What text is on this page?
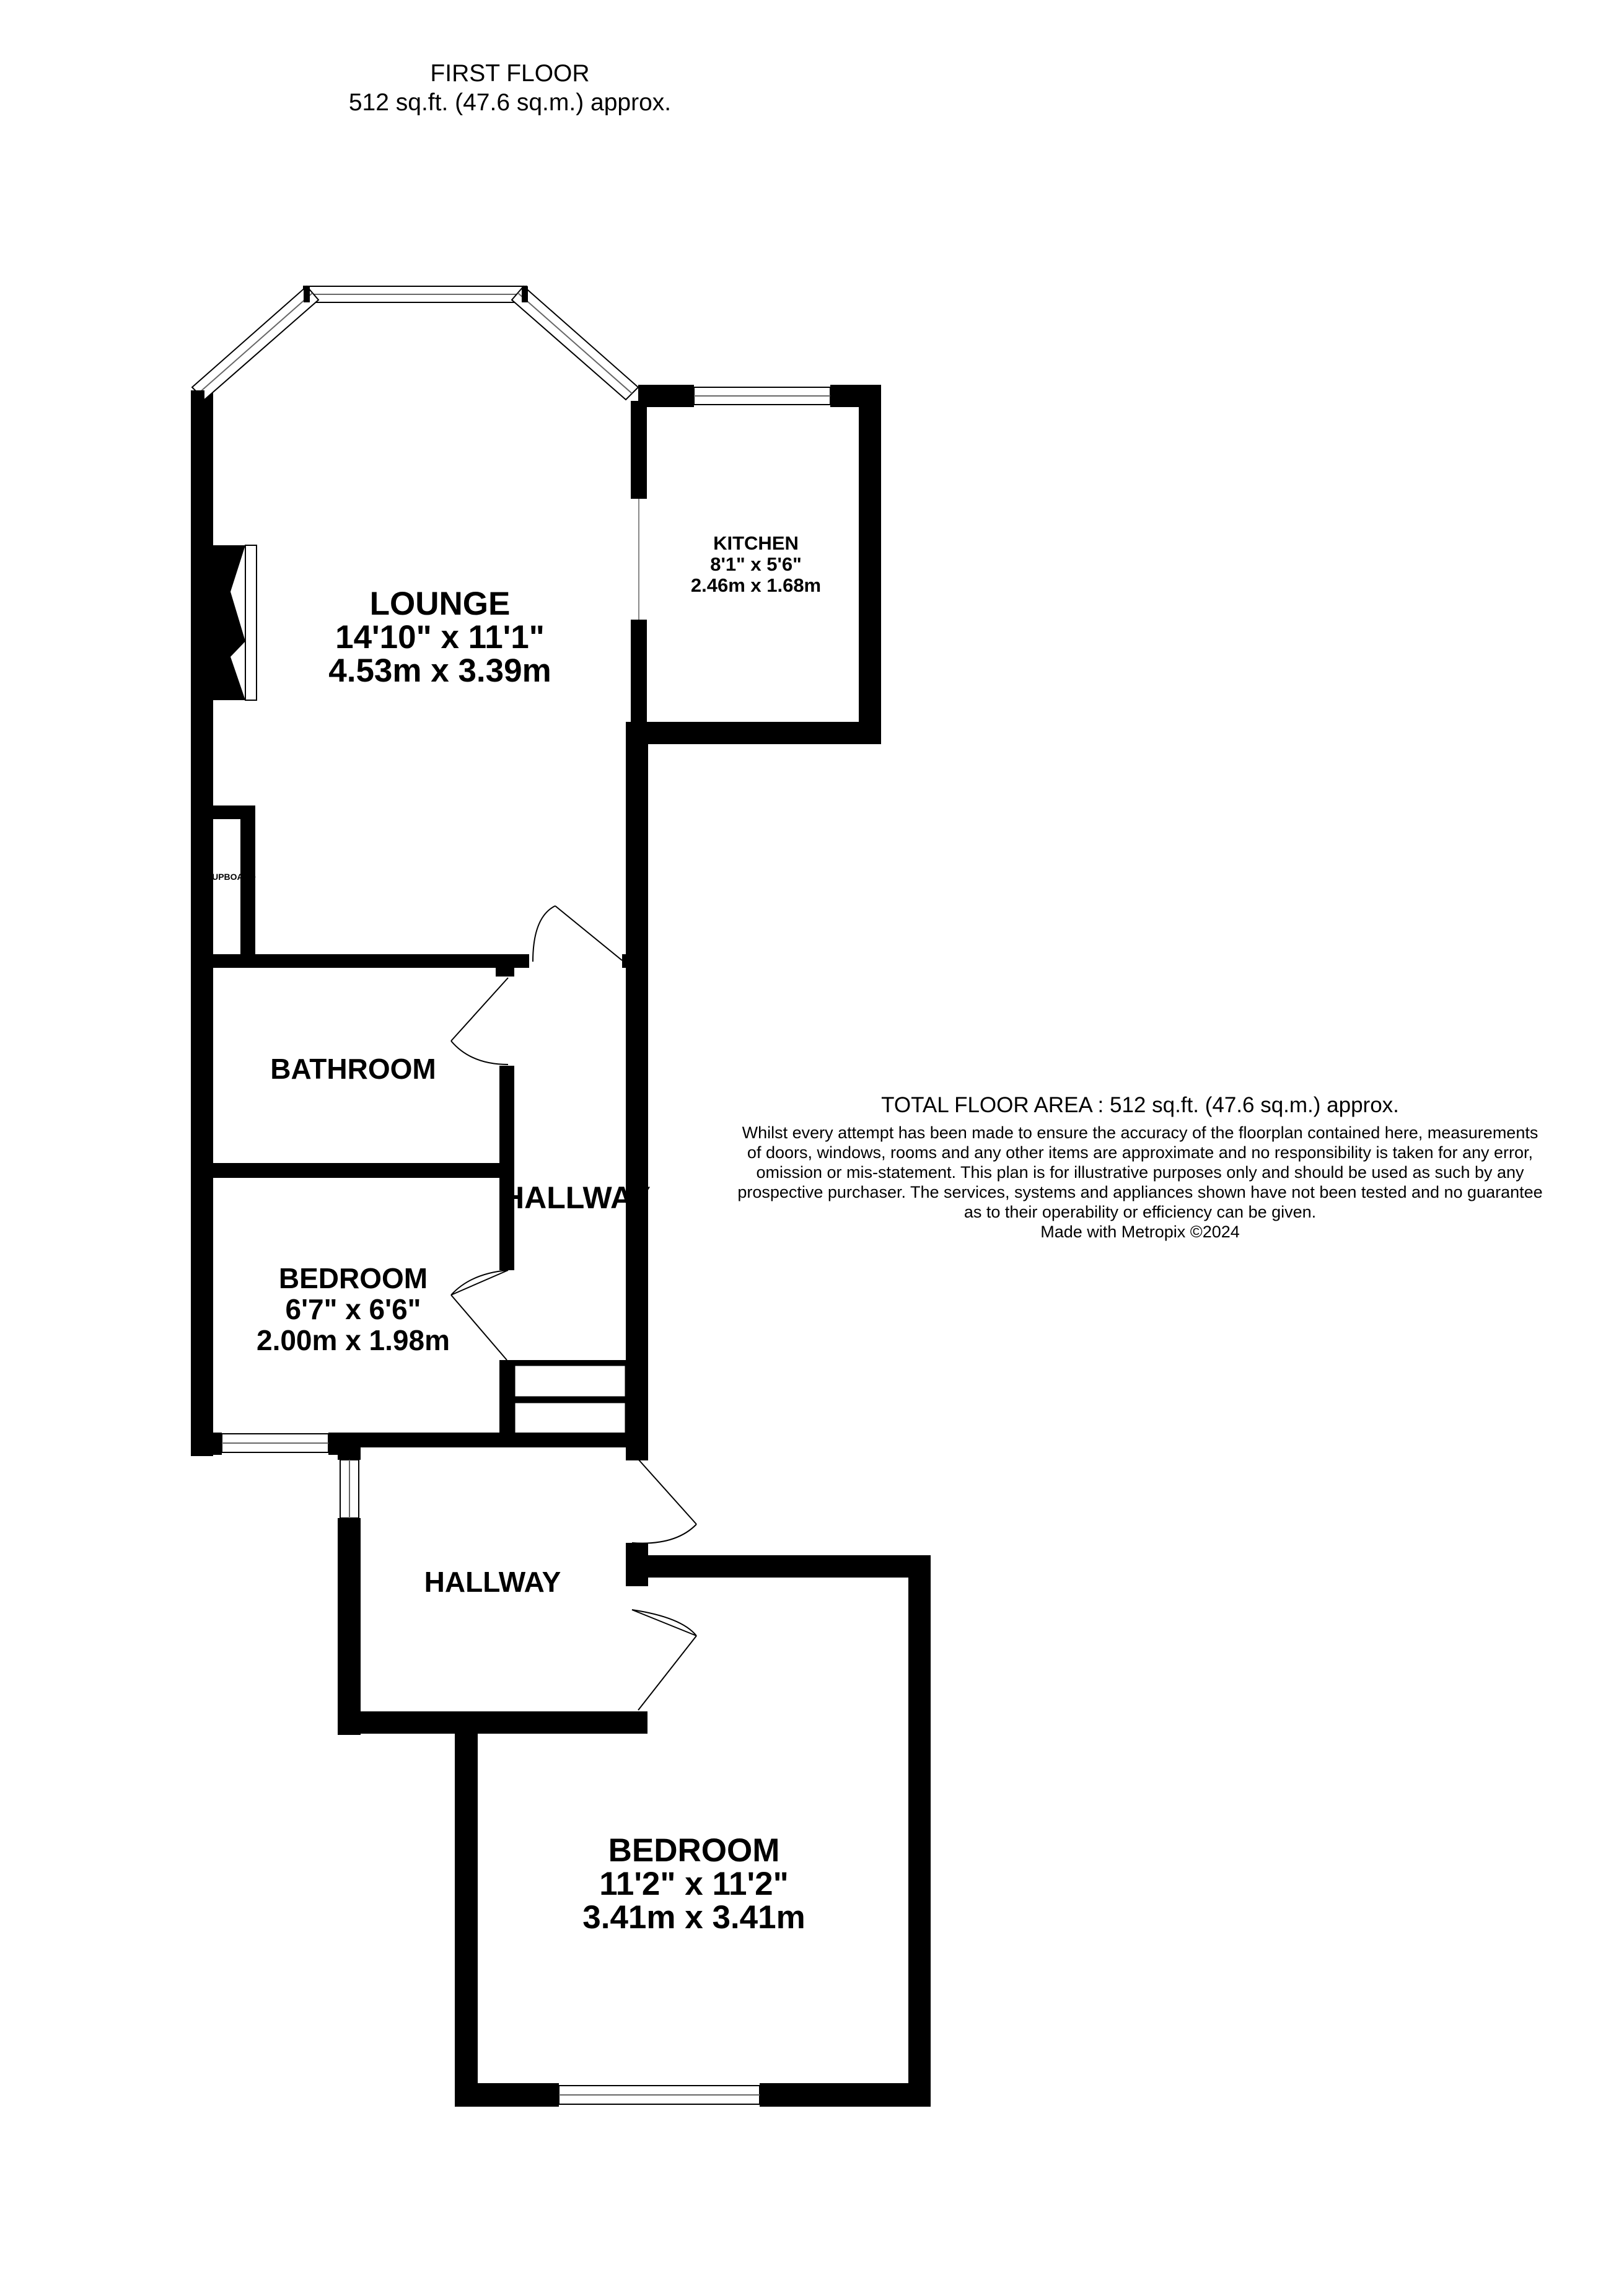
FIRST FLOOR
512 sq.ft. (47.6 sq.m.) approx.
LOUNGE
14'10" x 11'1"
4.53m x 3.39m
KITCHEN
8'1" x 5'6"
2.46m x 1.68m
BATHROOM
BEDROOM
6'7" x 6'6"
2.00m x 1.98m
HALLWAY
CUPBOARD
HALLWAY
BEDROOM
11'2" x 11'2"
3.41m x 3.41m
TOTAL FLOOR AREA : 512 sq.ft. (47.6 sq.m.) approx.
Whilst every attempt has been made to ensure the accuracy of the floorplan contained here, measurements
of doors, windows, rooms and any other items are approximate and no responsibility is taken for any error,
omission or mis-statement. This plan is for illustrative purposes only and should be used as such by any
prospective purchaser. The services, systems and appliances shown have not been tested and no guarantee
as to their operability or efficiency can be given.
Made with Metropix ©2024
